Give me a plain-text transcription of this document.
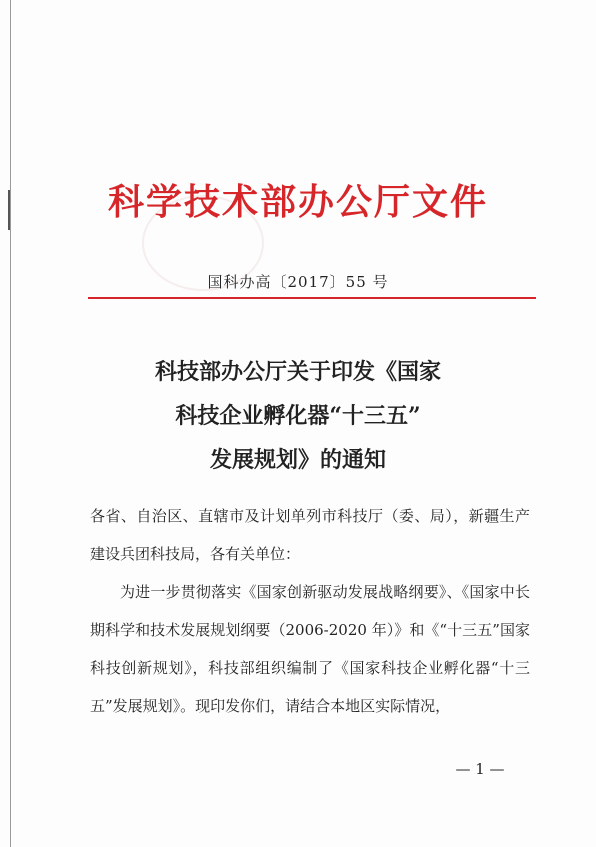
科学技术部办公厅文件
国科办高〔2017〕55 号
科技部办公厅关于印发《国家
科技企业孵化器“十三五”
发展规划》的通知

各省、自治区、直辖市及计划单列市科技厅（委、局），新疆生产建设兵团科技局，各有关单位：

为进一步贯彻落实《国家创新驱动发展战略纲要》、《国家中长期科学和技术发展规划纲要（2006-2020 年）》和《“十三五”国家科技创新规划》，科技部组织编制了《国家科技企业孵化器“十三五”发展规划》。现印发你们，请结合本地区实际情况，

— 1 —
